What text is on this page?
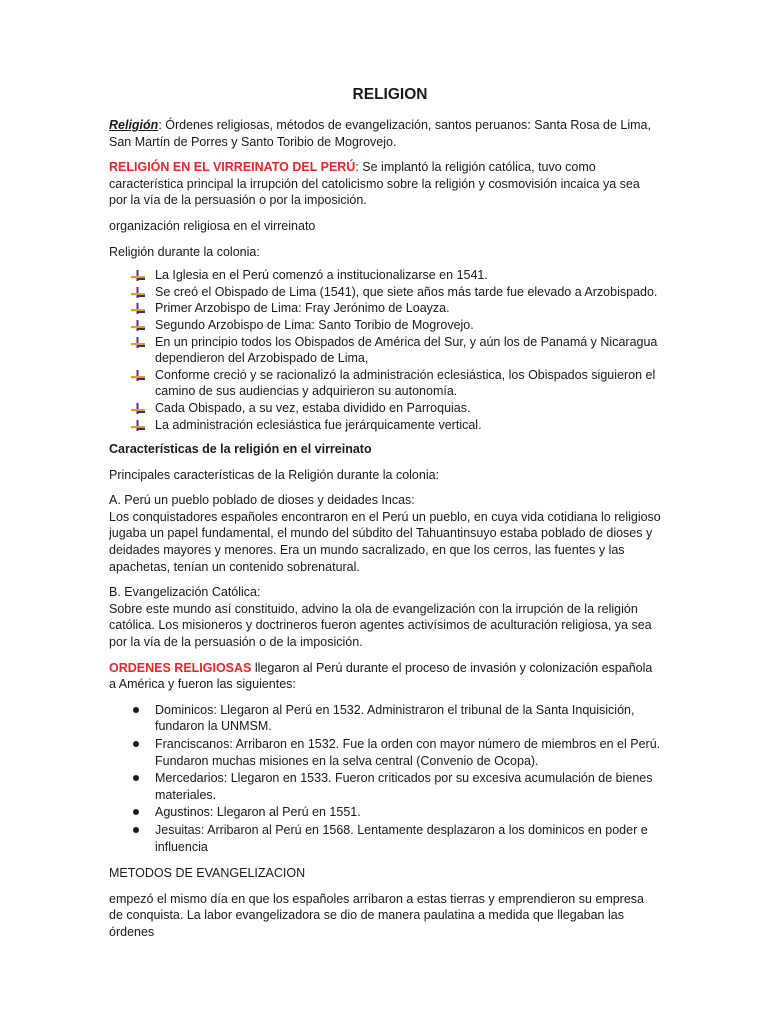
RELIGION

Religión: Órdenes religiosas, métodos de evangelización, santos peruanos: Santa Rosa de Lima, San Martín de Porres y Santo Toribio de Mogrovejo.

RELIGIÓN EN EL VIRREINATO DEL PERÚ: Se implantó la religión católica, tuvo como característica principal la irrupción del catolicismo sobre la religión y cosmovisión incaica ya sea por la vía de la persuasión o por la imposición.

organización religiosa en el virreinato

Religión durante la colonia:

La Iglesia en el Perú comenzó a institucionalizarse en 1541.
Se creó el Obispado de Lima (1541), que siete años más tarde fue elevado a Arzobispado.
Primer Arzobispo de Lima: Fray Jerónimo de Loayza.
Segundo Arzobispo de Lima: Santo Toribio de Mogrovejo.
En un principio todos los Obispados de América del Sur, y aún los de Panamá y Nicaragua dependieron del Arzobispado de Lima,
Conforme creció y se racionalizó la administración eclesiástica, los Obispados siguieron el camino de sus audiencias y adquirieron su autonomía.
Cada Obispado, a su vez, estaba dividido en Parroquias.
La administración eclesiástica fue jerárquicamente vertical.

Características de la religión en el virreinato

Principales características de la Religión durante la colonia:

A. Perú un pueblo poblado de dioses y deidades Incas:
Los conquistadores españoles encontraron en el Perú un pueblo, en cuya vida cotidiana lo religioso jugaba un papel fundamental, el mundo del súbdito del Tahuantinsuyo estaba poblado de dioses y deidades mayores y menores. Era un mundo sacralizado, en que los cerros, las fuentes y las apachetas, tenían un contenido sobrenatural.
B. Evangelización Católica:
Sobre este mundo así constituido, advino la ola de evangelización con la irrupción de la religión católica. Los misioneros y doctrineros fueron agentes activísimos de aculturación religiosa, ya sea por la vía de la persuasión o de la imposición.

ORDENES RELIGIOSAS llegaron al Perú durante el proceso de invasión y colonización española a América y fueron las siguientes:

Dominicos: Llegaron al Perú en 1532. Administraron el tribunal de la Santa Inquisición, fundaron la UNMSM.
Franciscanos: Arribaron en 1532. Fue la orden con mayor número de miembros en el Perú. Fundaron muchas misiones en la selva central (Convenio de Ocopa).
Mercedarios: Llegaron en 1533. Fueron criticados por su excesiva acumulación de bienes materiales.
Agustinos: Llegaron al Perú en 1551.
Jesuitas: Arribaron al Perú en 1568. Lentamente desplazaron a los dominicos en poder e influencia

METODOS DE EVANGELIZACION

empezó el mismo día en que los españoles arribaron a estas tierras y emprendieron su empresa de conquista. La labor evangelizadora se dio de manera paulatina a medida que llegaban las órdenes
